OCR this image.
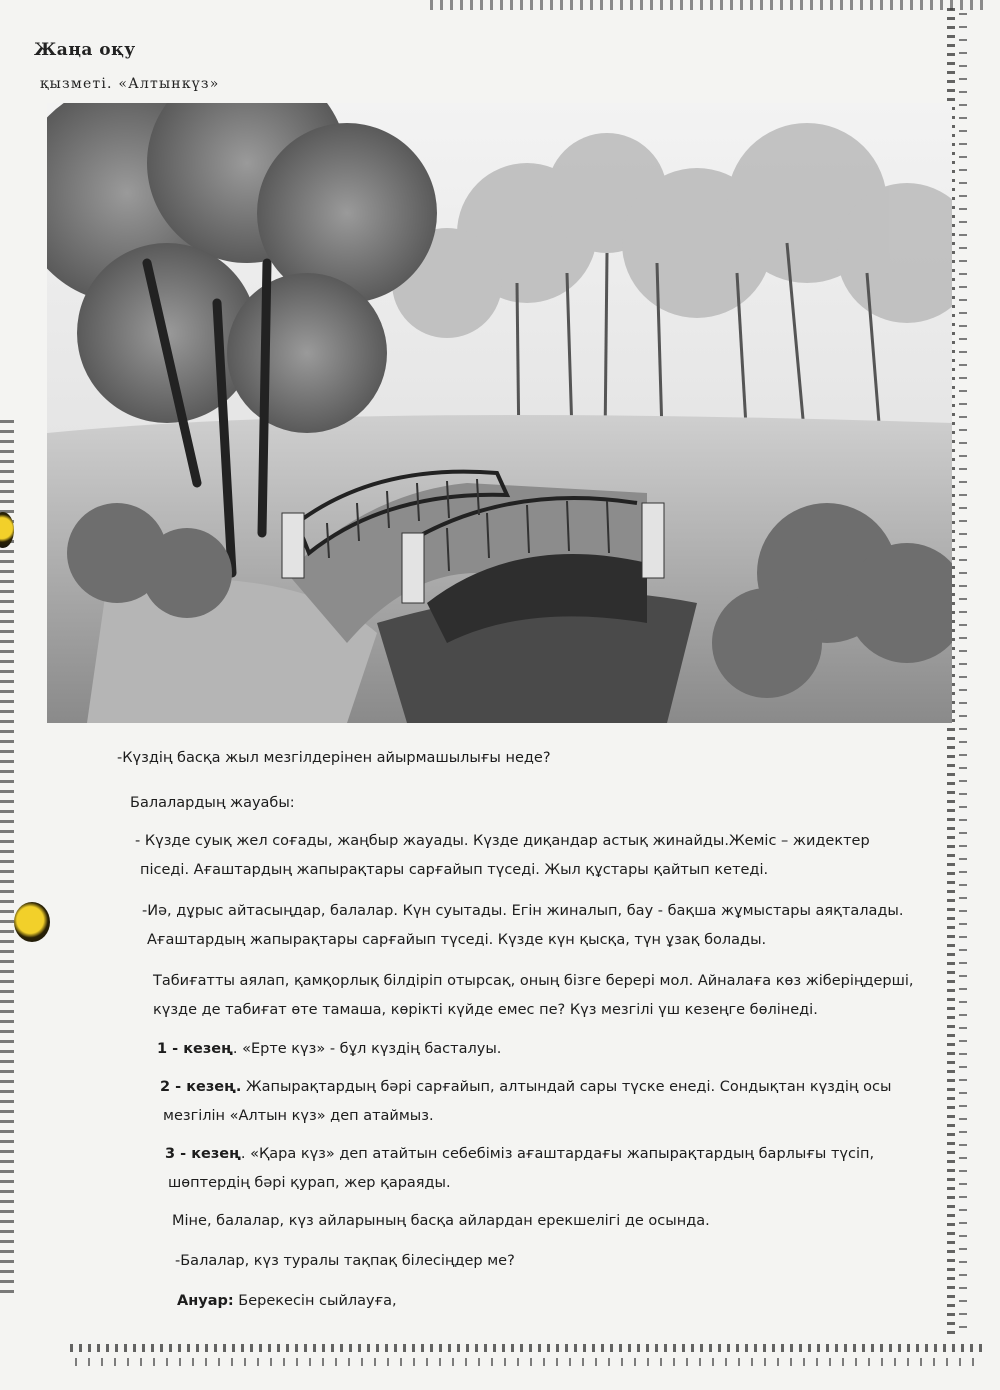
Жаңа оқу
қызметі. «Алтынкүз»
-Күздің басқа жыл мезгілдерінен айырмашылығы неде?
Балалардың жауабы:
- Күзде суық жел соғады, жаңбыр жауады. Күзде диқандар астық жинайды.Жеміс – жидектер
піседі. Ағаштардың жапырақтары сарғайып түседі. Жыл құстары қайтып кетеді.
-Иә, дұрыс айтасыңдар, балалар. Күн суытады. Егін жиналып, бау - бақша жұмыстары аяқталады.
Ағаштардың жапырақтары сарғайып түседі. Күзде күн қысқа, түн ұзақ болады.
Табиғатты аялап, қамқорлық білдіріп отырсақ, оның бізге берері мол. Айналаға көз жіберіңдерші,
күзде де табиғат өте тамаша, көрікті күйде емес пе? Күз мезгілі үш кезеңге бөлінеді.
1 - кезең. «Ерте күз» - бұл күздің басталуы.
2 - кезең. Жапырақтардың бәрі сарғайып, алтындай сары түске енеді. Сондықтан күздің осы
мезгілін «Алтын күз» деп атаймыз.
3 - кезең. «Қара күз» деп атайтын себебіміз ағаштардағы жапырақтардың барлығы түсіп,
шөптердің бәрі қурап, жер қараяды.
Міне, балалар, күз айларының басқа айлардан ерекшелігі де осында.
-Балалар, күз туралы тақпақ білесіңдер ме?
Ануар: Берекесін сыйлауға,
